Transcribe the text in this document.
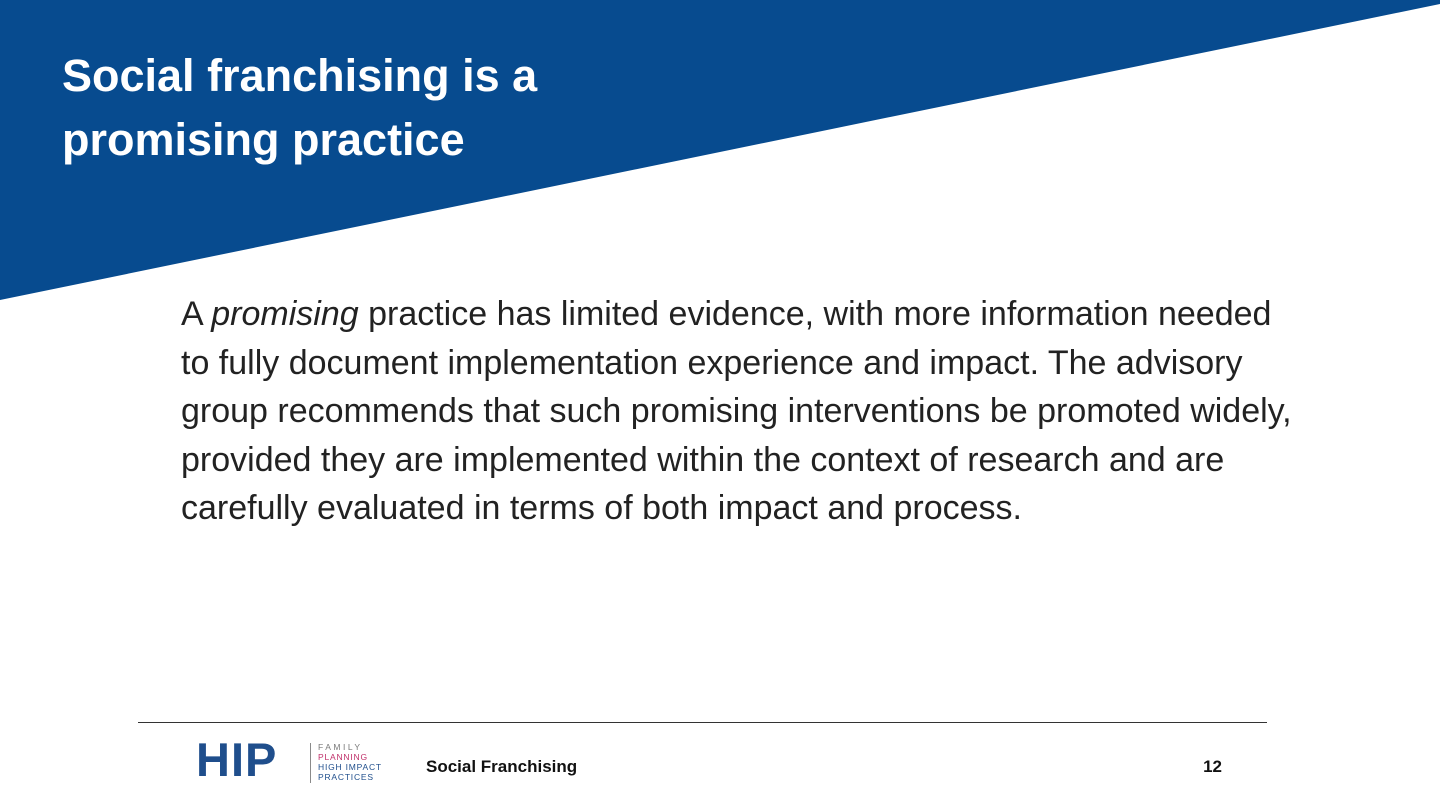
Social franchising is a
promising practice

A promising practice has limited evidence, with more information needed to fully document implementation experience and impact. The advisory group recommends that such promising interventions be promoted widely, provided they are implemented within the context of research and are carefully evaluated in terms of both impact and process.

HIP	FAMILY
PLANNING
HIGH IMPACT
PRACTICES
Social Franchising	12
